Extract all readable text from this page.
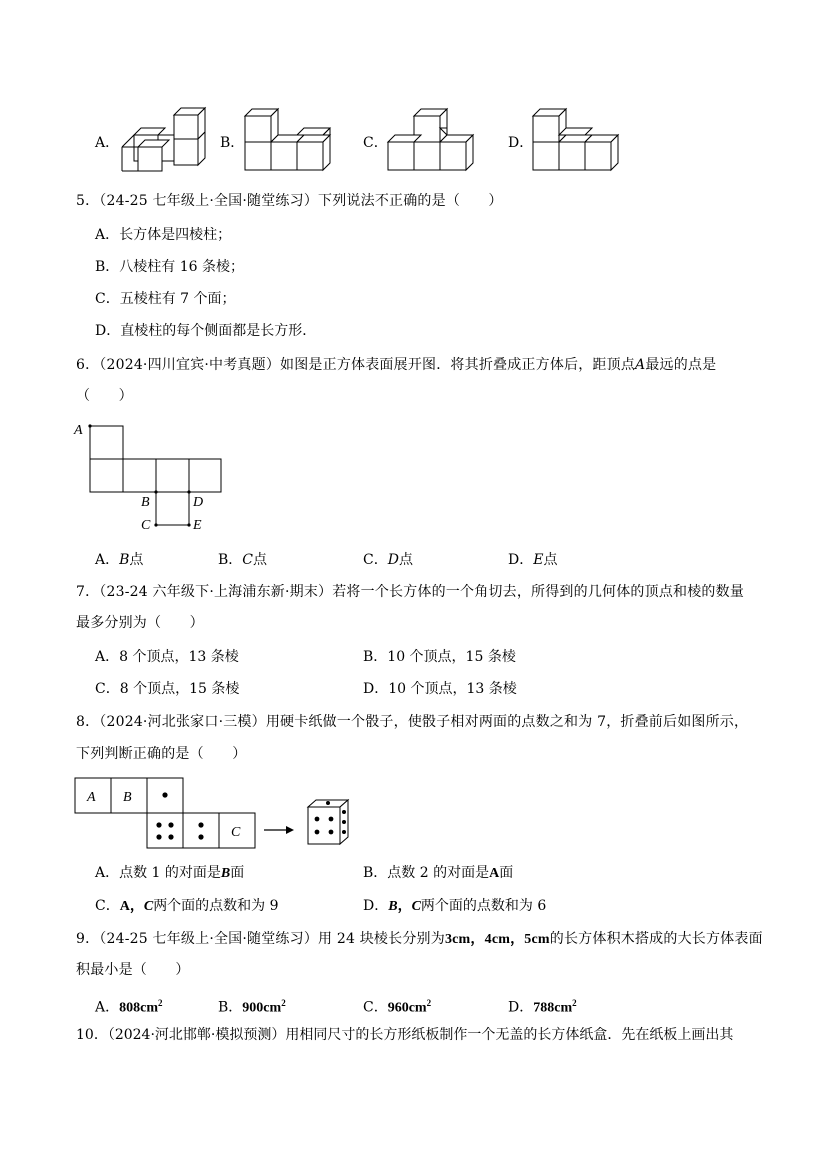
A．	B．	C．	D．
5．（24-25 七年级上·全国·随堂练习）下列说法不正确的是（　　）
A．长方体是四棱柱；
B．八棱柱有 16 条棱；
C．五棱柱有 7 个面；
D．直棱柱的每个侧面都是长方形．
6．（2024·四川宜宾·中考真题）如图是正方体表面展开图．将其折叠成正方体后，距顶点A最远的点是
（　　）
A
B	D
C	E
A．B点	B．C点	C．D点	D．E点
7．（23-24 六年级下·上海浦东新·期末）若将一个长方体的一个角切去，所得到的几何体的顶点和棱的数量
最多分别为（　　）
A．8 个顶点，13 条棱	B．10 个顶点，15 条棱
C．8 个顶点，15 条棱	D．10 个顶点，13 条棱
8．（2024·河北张家口·三模）用硬卡纸做一个骰子，使骰子相对两面的点数之和为 7，折叠前后如图所示，
下列判断正确的是（　　）
A B
C
A．点数 1 的对面是B面	B．点数 2 的对面是A面
C．A，C两个面的点数和为 9	D．B，C两个面的点数和为 6
9．（24-25 七年级上·全国·随堂练习）用 24 块棱长分别为3cm，4cm，5cm的长方体积木搭成的大长方体表面
积最小是（　　）
A．$808cm^2$	B．$900cm^2$	C．$960cm^2$	D．$788cm^2$
10．（2024·河北邯郸·模拟预测）用相同尺寸的长方形纸板制作一个无盖的长方体纸盒．先在纸板上画出其
